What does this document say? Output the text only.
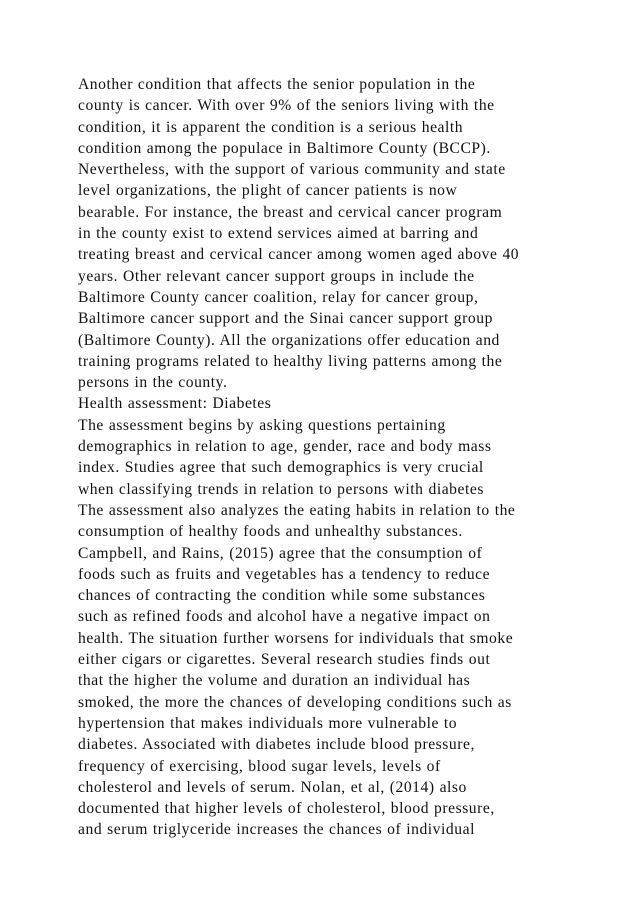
Another condition that affects the senior population in the
county is cancer. With over 9% of the seniors living with the
condition, it is apparent the condition is a serious health
condition among the populace in Baltimore County (BCCP).
Nevertheless, with the support of various community and state
level organizations, the plight of cancer patients is now
bearable. For instance, the breast and cervical cancer program
in the county exist to extend services aimed at barring and
treating breast and cervical cancer among women aged above 40
years. Other relevant cancer support groups in include the
Baltimore County cancer coalition, relay for cancer group,
Baltimore cancer support and the Sinai cancer support group
(Baltimore County). All the organizations offer education and
training programs related to healthy living patterns among the
persons in the county.
Health assessment: Diabetes
The assessment begins by asking questions pertaining
demographics in relation to age, gender, race and body mass
index. Studies agree that such demographics is very crucial
when classifying trends in relation to persons with diabetes
The assessment also analyzes the eating habits in relation to the
consumption of healthy foods and unhealthy substances.
Campbell, and Rains, (2015) agree that the consumption of
foods such as fruits and vegetables has a tendency to reduce
chances of contracting the condition while some substances
such as refined foods and alcohol have a negative impact on
health. The situation further worsens for individuals that smoke
either cigars or cigarettes. Several research studies finds out
that the higher the volume and duration an individual has
smoked, the more the chances of developing conditions such as
hypertension that makes individuals more vulnerable to
diabetes. Associated with diabetes include blood pressure,
frequency of exercising, blood sugar levels, levels of
cholesterol and levels of serum. Nolan, et al, (2014) also
documented that higher levels of cholesterol, blood pressure,
and serum triglyceride increases the chances of individual
